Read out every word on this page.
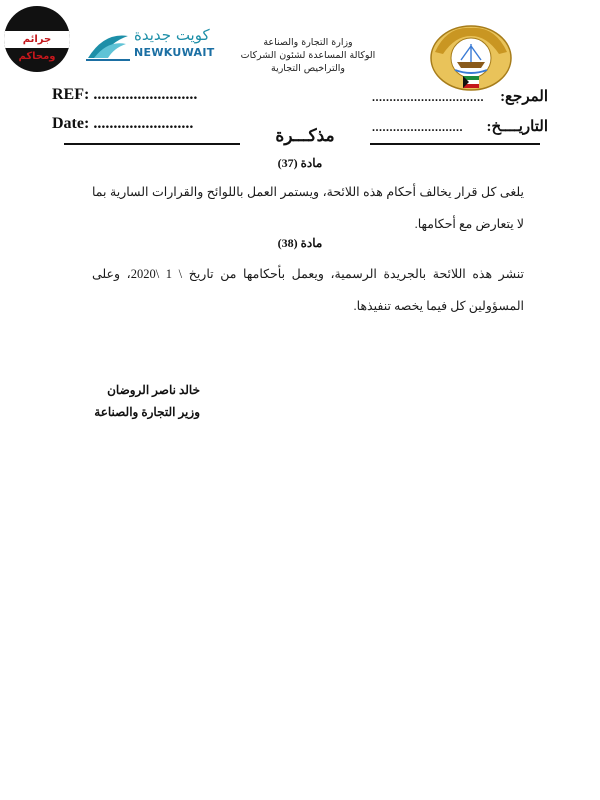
جرائم ومحاكم
كويت جديدة
NEWKUWAIT
وزارة التجارة والصناعة
الوكالة المساعدة لشئون الشركات
والتراخيص التجارية
REF: ..........................
Date: .........................
................................ المرجع:
.......................... التاريــــخ:
مذكـــرة
مادة (37)
يلغى كل قرار يخالف أحكام هذه اللائحة، ويستمر العمل باللوائح والقرارات السارية بما لا يتعارض مع أحكامها.
مادة (38)
تنشر هذه اللائحة بالجريدة الرسمية، ويعمل بأحكامها من تاريخ \ 1 \2020، وعلى المسؤولين كل فيما يخصه تنفيذها.
خالد ناصر الروضان
وزير التجارة والصناعة
